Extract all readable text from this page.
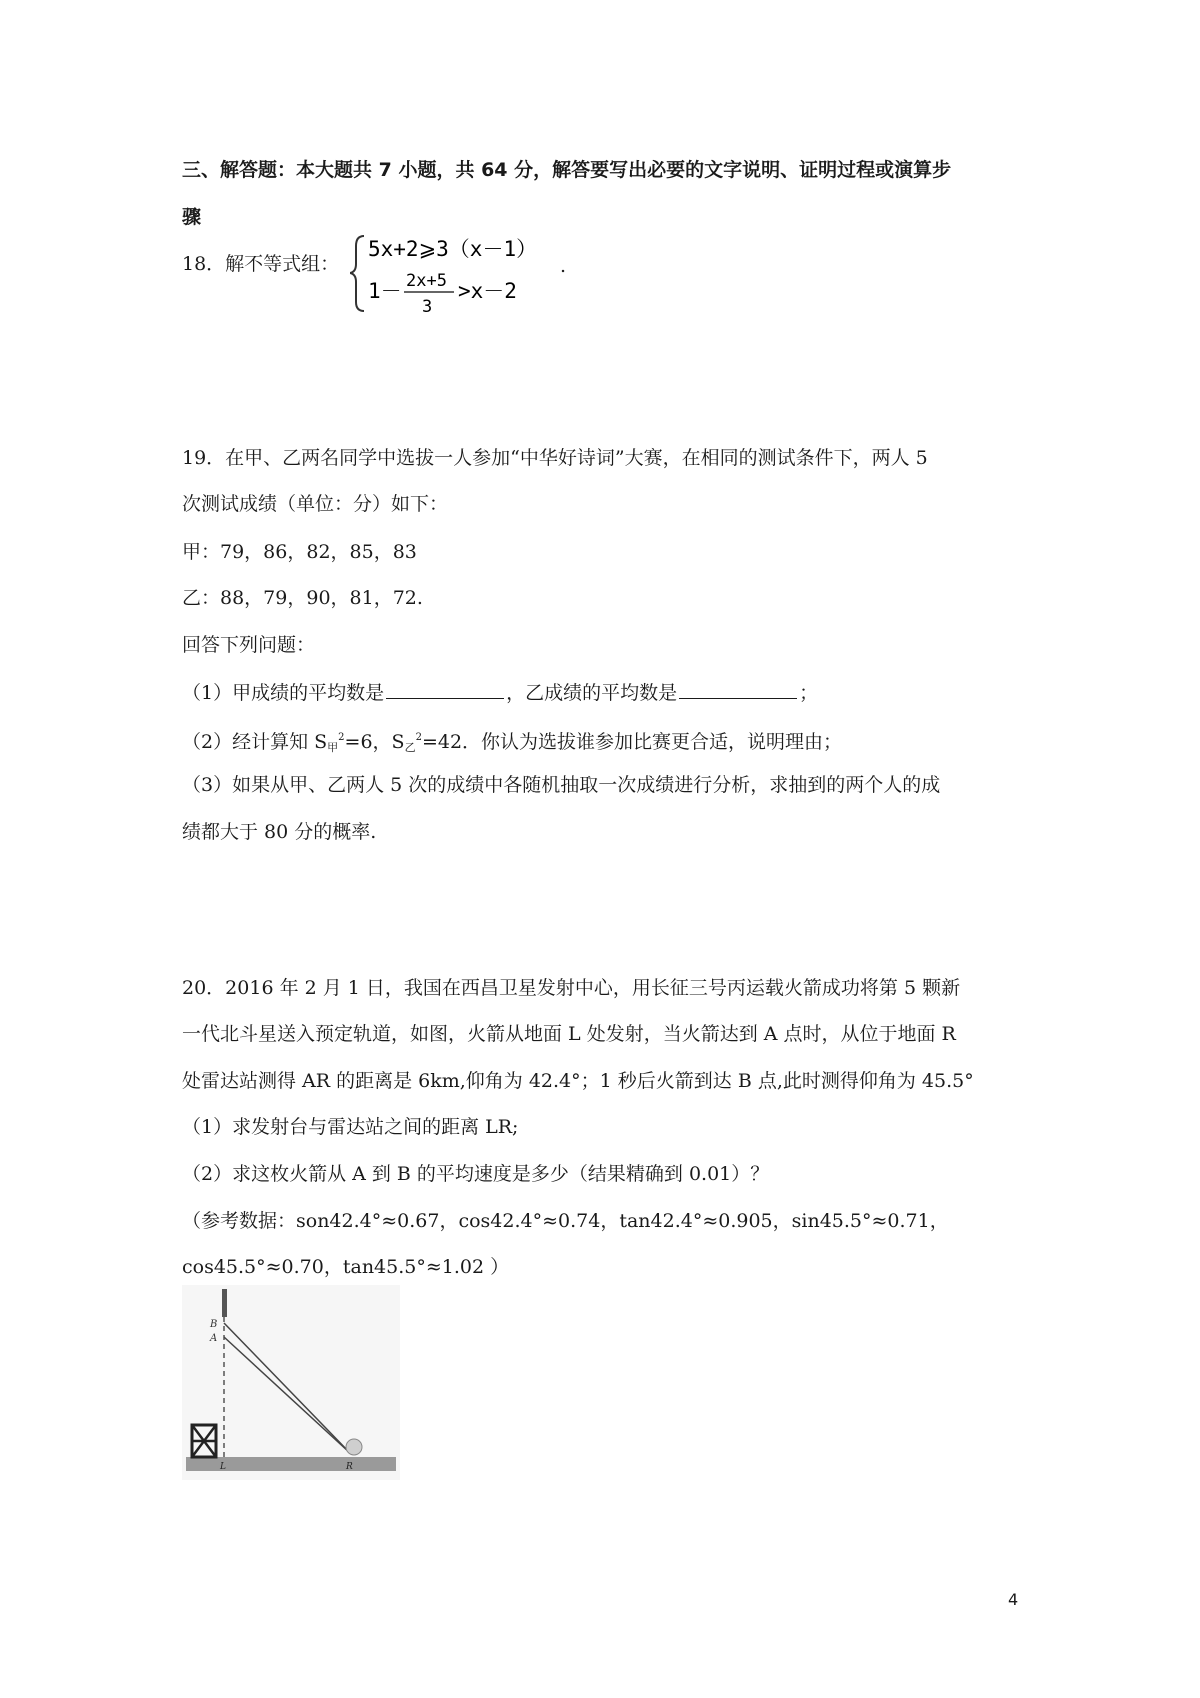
三、解答题：本大题共 7 小题，共 64 分，解答要写出必要的文字说明、证明过程或演算步
骤
18．解不等式组：
5x+2⩾3（x－1）
1－ 2x+5
3
>x－2
.
19．在甲、乙两名同学中选拔一人参加“中华好诗词”大赛，在相同的测试条件下，两人 5
次测试成绩（单位：分）如下：
甲：79，86，82，85，83
乙：88，79，90，81，72.
回答下列问题：
（1）甲成绩的平均数是	，乙成绩的平均数是	；
（2）经计算知 $S_甲^2=6$，$S_乙^2=42$．你认为选拔谁参加比赛更合适，说明理由；
（3）如果从甲、乙两人 5 次的成绩中各随机抽取一次成绩进行分析，求抽到的两个人的成
绩都大于 80 分的概率.
20．2016 年 2 月 1 日，我国在西昌卫星发射中心，用长征三号丙运载火箭成功将第 5 颗新
一代北斗星送入预定轨道，如图，火箭从地面 L 处发射，当火箭达到 A 点时，从位于地面 R
处雷达站测得 AR 的距离是 6km,仰角为 42.4°；1 秒后火箭到达 B 点,此时测得仰角为 45.5°
（1）求发射台与雷达站之间的距离 LR;
（2）求这枚火箭从 A 到 B 的平均速度是多少（结果精确到 0.01）？
（参考数据：son42.4°≈0.67，cos42.4°≈0.74，tan42.4°≈0.905，sin45.5°≈0.71，
cos45.5°≈0.70，tan45.5°≈1.02 ）
B
A
L	R
4
